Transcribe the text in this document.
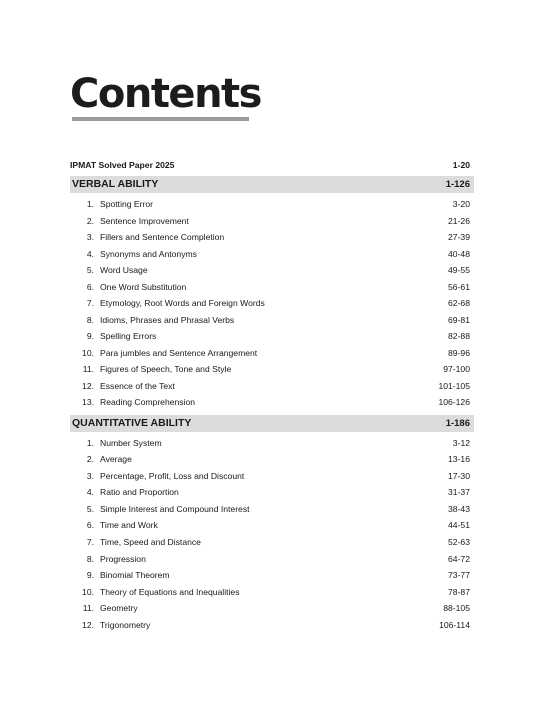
Contents
IPMAT Solved Paper 2025	1-20
VERBAL ABILITY	1-126
1. Spotting Error	3-20
2. Sentence Improvement	21-26
3. Fillers and Sentence Completion	27-39
4. Synonyms and Antonyms	40-48
5. Word Usage	49-55
6. One Word Substitution	56-61
7. Etymology, Root Words and Foreign Words	62-68
8. Idioms, Phrases and Phrasal Verbs	69-81
9. Spelling Errors	82-88
10. Para jumbles and Sentence Arrangement	89-96
11. Figures of Speech, Tone and Style	97-100
12. Essence of the Text	101-105
13. Reading Comprehension	106-126
QUANTITATIVE ABILITY	1-186
1. Number System	3-12
2. Average	13-16
3. Percentage, Profit, Loss and Discount	17-30
4. Ratio and Proportion	31-37
5. Simple Interest and Compound Interest	38-43
6. Time and Work	44-51
7. Time, Speed and Distance	52-63
8. Progression	64-72
9. Binomial Theorem	73-77
10. Theory of Equations and Inequalities	78-87
11. Geometry	88-105
12. Trigonometry	106-114
